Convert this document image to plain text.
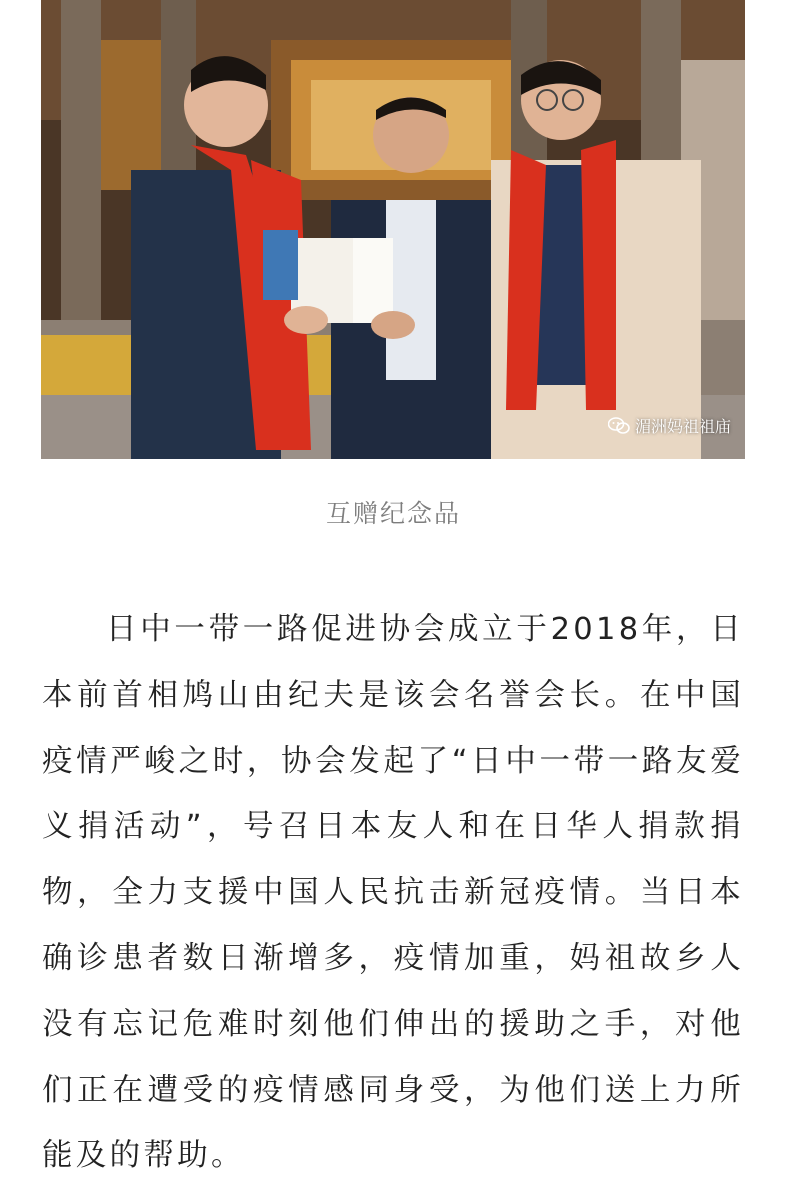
湄洲妈祖祖庙
互赠纪念品

日中一带一路促进协会成立于2018年，日本前首相鸠山由纪夫是该会名誉会长。在中国疫情严峻之时，协会发起了“日中一带一路友爱义捐活动”，号召日本友人和在日华人捐款捐物，全力支援中国人民抗击新冠疫情。当日本确诊患者数日渐增多，疫情加重，妈祖故乡人没有忘记危难时刻他们伸出的援助之手，对他们正在遭受的疫情感同身受，为他们送上力所能及的帮助。
